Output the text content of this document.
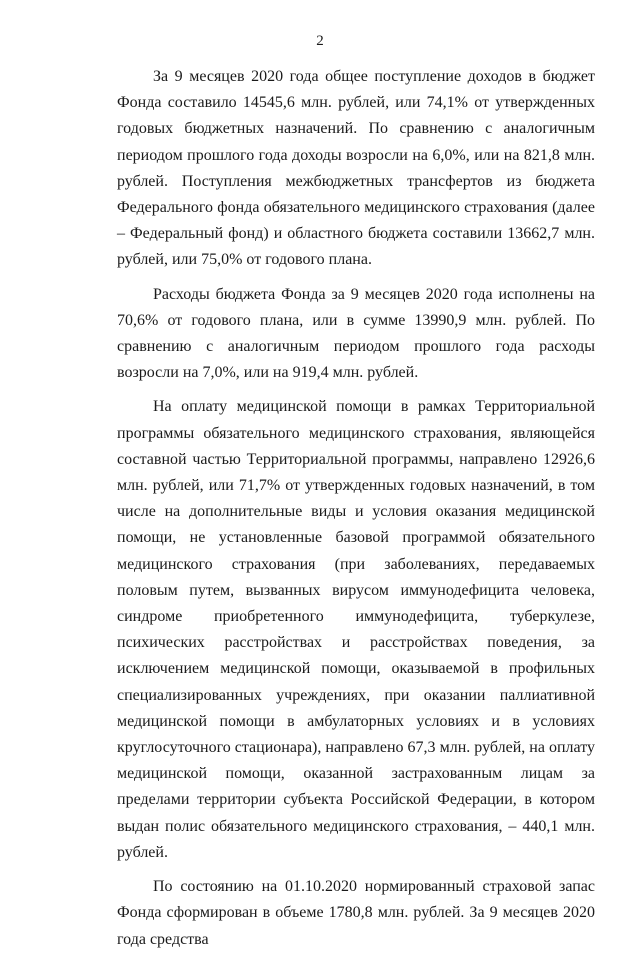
2

За 9 месяцев 2020 года общее поступление доходов в бюджет Фонда составило 14545,6 млн. рублей, или 74,1% от утвержденных годовых бюджетных назначений. По сравнению с аналогичным периодом прошлого года доходы возросли на 6,0%, или на 821,8 млн. рублей. Поступления межбюджетных трансфертов из бюджета Федерального фонда обязательного медицинского страхования (далее – Федеральный фонд) и областного бюджета составили 13662,7 млн. рублей, или 75,0% от годового плана.

Расходы бюджета Фонда за 9 месяцев 2020 года исполнены на 70,6% от годового плана, или в сумме 13990,9 млн. рублей. По сравнению с аналогичным периодом прошлого года расходы возросли на 7,0%, или на 919,4 млн. рублей.

На оплату медицинской помощи в рамках Территориальной программы обязательного медицинского страхования, являющейся составной частью Территориальной программы, направлено 12926,6 млн. рублей, или 71,7% от утвержденных годовых назначений, в том числе на дополнительные виды и условия оказания медицинской помощи, не установленные базовой программой обязательного медицинского страхования (при заболеваниях, передаваемых половым путем, вызванных вирусом иммунодефицита человека, синдроме приобретенного иммунодефицита, туберкулезе, психических расстройствах и расстройствах поведения, за исключением медицинской помощи, оказываемой в профильных специализированных учреждениях, при оказании паллиативной медицинской помощи в амбулаторных условиях и в условиях круглосуточного стационара), направлено 67,3 млн. рублей, на оплату медицинской помощи, оказанной застрахованным лицам за пределами территории субъекта Российской Федерации, в котором выдан полис обязательного медицинского страхования, – 440,1 млн. рублей.

По состоянию на 01.10.2020 нормированный страховой запас Фонда сформирован в объеме 1780,8 млн. рублей. За 9 месяцев 2020 года средства
